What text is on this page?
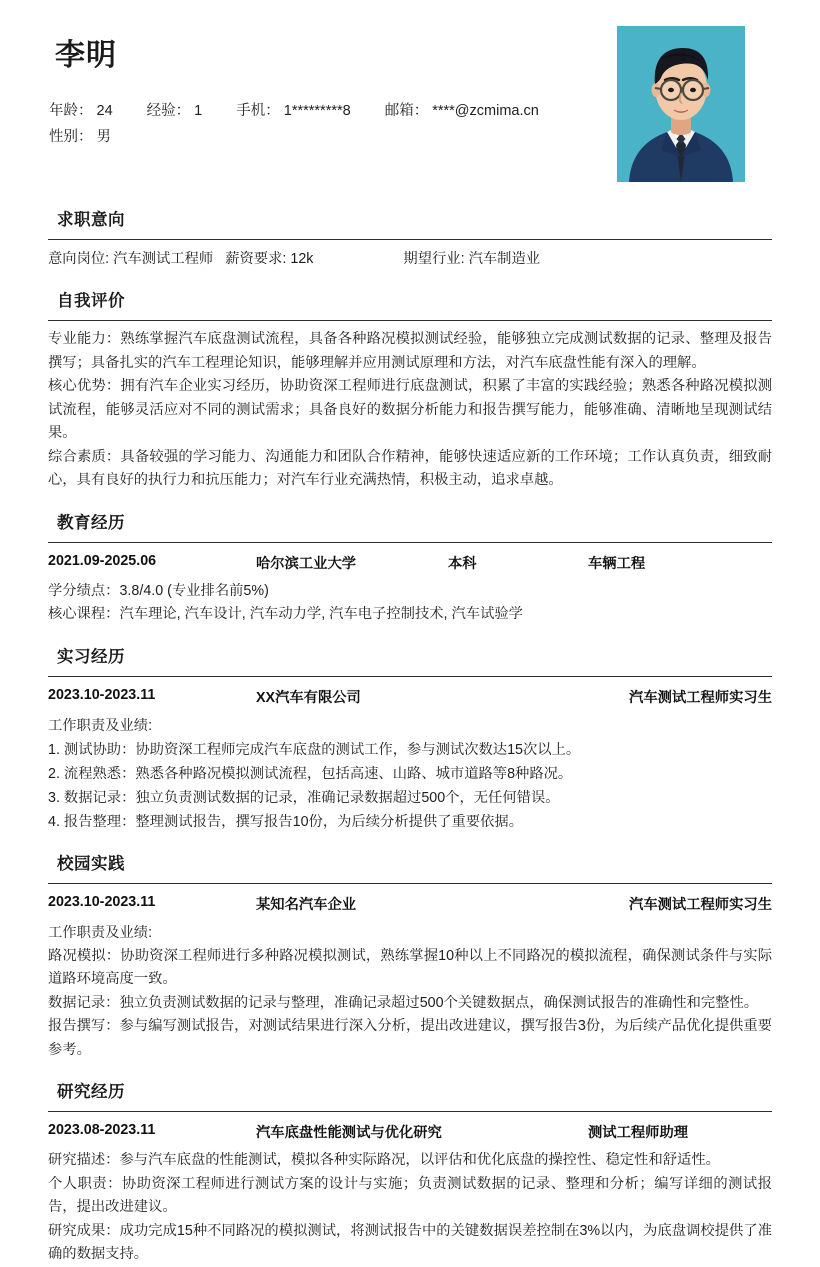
李明
年龄： 24 经验： 1 手机： 1*********8 邮箱： ****@zcmima.cn
性别： 男
求职意向
意向岗位: 汽车测试工程师 薪资要求: 12k	期望行业: 汽车制造业
自我评价
专业能力：熟练掌握汽车底盘测试流程，具备各种路况模拟测试经验，能够独立完成测试数据的记录、整理及报告撰写；具备扎实的汽车工程理论知识，能够理解并应用测试原理和方法，对汽车底盘性能有深入的理解。
核心优势：拥有汽车企业实习经历，协助资深工程师进行底盘测试，积累了丰富的实践经验；熟悉各种路况模拟测试流程，能够灵活应对不同的测试需求；具备良好的数据分析能力和报告撰写能力，能够准确、清晰地呈现测试结果。
综合素质：具备较强的学习能力、沟通能力和团队合作精神，能够快速适应新的工作环境；工作认真负责，细致耐心，具有良好的执行力和抗压能力；对汽车行业充满热情，积极主动，追求卓越。
教育经历
2021.09-2025.06	哈尔滨工业大学	本科	车辆工程
学分绩点：3.8/4.0 (专业排名前5%)
核心课程：汽车理论, 汽车设计, 汽车动力学, 汽车电子控制技术, 汽车试验学
实习经历
2023.10-2023.11	XX汽车有限公司	汽车测试工程师实习生
工作职责及业绩:
1. 测试协助：协助资深工程师完成汽车底盘的测试工作，参与测试次数达15次以上。
2. 流程熟悉：熟悉各种路况模拟测试流程，包括高速、山路、城市道路等8种路况。
3. 数据记录：独立负责测试数据的记录，准确记录数据超过500个，无任何错误。
4. 报告整理：整理测试报告，撰写报告10份，为后续分析提供了重要依据。
校园实践
2023.10-2023.11	某知名汽车企业	汽车测试工程师实习生
工作职责及业绩:
路况模拟：协助资深工程师进行多种路况模拟测试，熟练掌握10种以上不同路况的模拟流程，确保测试条件与实际道路环境高度一致。
数据记录：独立负责测试数据的记录与整理，准确记录超过500个关键数据点，确保测试报告的准确性和完整性。
报告撰写：参与编写测试报告，对测试结果进行深入分析，提出改进建议，撰写报告3份，为后续产品优化提供重要参考。
研究经历
2023.08-2023.11	汽车底盘性能测试与优化研究	测试工程师助理
研究描述：参与汽车底盘的性能测试，模拟各种实际路况，以评估和优化底盘的操控性、稳定性和舒适性。
个人职责：协助资深工程师进行测试方案的设计与实施；负责测试数据的记录、整理和分析；编写详细的测试报告，提出改进建议。
研究成果：成功完成15种不同路况的模拟测试，将测试报告中的关键数据误差控制在3%以内，为底盘调校提供了准确的数据支持。
